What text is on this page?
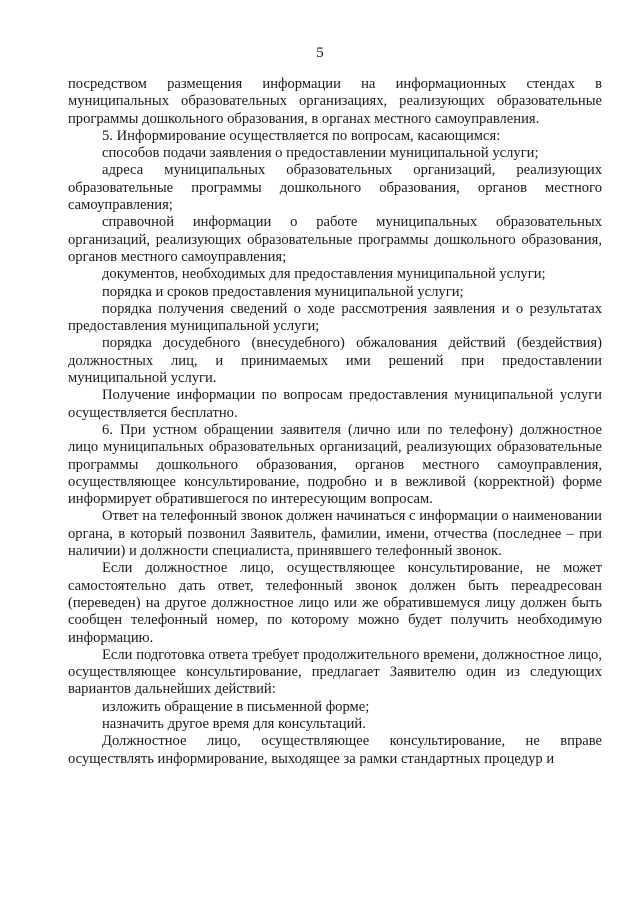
5

посредством размещения информации на информационных стендах в муниципальных образовательных организациях, реализующих образовательные программы дошкольного образования, в органах местного самоуправления.

5. Информирование осуществляется по вопросам, касающимся:

способов подачи заявления о предоставлении муниципальной услуги;

адреса муниципальных образовательных организаций, реализующих образовательные программы дошкольного образования, органов местного самоуправления;

справочной информации о работе муниципальных образовательных организаций, реализующих образовательные программы дошкольного образования, органов местного самоуправления;

документов, необходимых для предоставления муниципальной услуги;

порядка и сроков предоставления муниципальной услуги;

порядка получения сведений о ходе рассмотрения заявления и о результатах предоставления муниципальной услуги;

порядка досудебного (внесудебного) обжалования действий (бездействия) должностных лиц, и принимаемых ими решений при предоставлении муниципальной услуги.

Получение информации по вопросам предоставления муниципальной услуги осуществляется бесплатно.

6. При устном обращении заявителя (лично или по телефону) должностное лицо муниципальных образовательных организаций, реализующих образовательные программы дошкольного образования, органов местного самоуправления, осуществляющее консультирование, подробно и в вежливой (корректной) форме информирует обратившегося по интересующим вопросам.

Ответ на телефонный звонок должен начинаться с информации о наименовании органа, в который позвонил Заявитель, фамилии, имени, отчества (последнее – при наличии) и должности специалиста, принявшего телефонный звонок.

Если должностное лицо, осуществляющее консультирование, не может самостоятельно дать ответ, телефонный звонок должен быть переадресован (переведен) на другое должностное лицо или же обратившемуся лицу должен быть сообщен телефонный номер, по которому можно будет получить необходимую информацию.

Если подготовка ответа требует продолжительного времени, должностное лицо, осуществляющее консультирование, предлагает Заявителю один из следующих вариантов дальнейших действий:

изложить обращение в письменной форме;

назначить другое время для консультаций.

Должностное лицо, осуществляющее консультирование, не вправе осуществлять информирование, выходящее за рамки стандартных процедур и
